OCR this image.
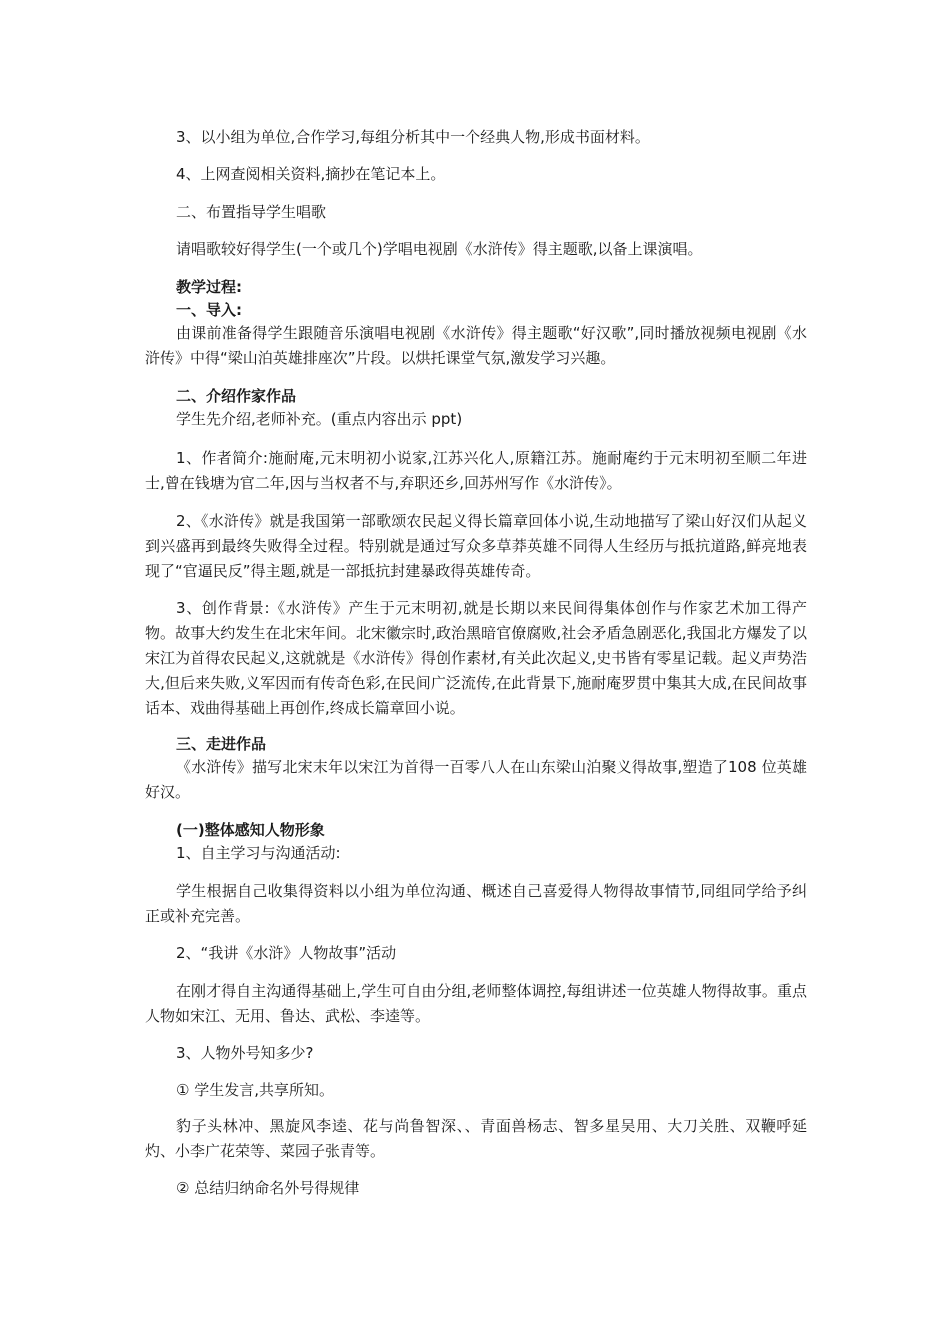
3、以小组为单位,合作学习,每组分析其中一个经典人物,形成书面材料。
4、上网查阅相关资料,摘抄在笔记本上。
二、布置指导学生唱歌
请唱歌较好得学生(一个或几个)学唱电视剧《水浒传》得主题歌,以备上课演唱。
教学过程:
一、导入:
由课前准备得学生跟随音乐演唱电视剧《水浒传》得主题歌“好汉歌”,同时播放视频电视剧《水浒传》中得“梁山泊英雄排座次”片段。以烘托课堂气氛,激发学习兴趣。
二、介绍作家作品
学生先介绍,老师补充。(重点内容出示 ppt)
1、作者简介:施耐庵,元末明初小说家,江苏兴化人,原籍江苏。施耐庵约于元末明初至顺二年进士,曾在钱塘为官二年,因与当权者不与,弃职还乡,回苏州写作《水浒传》。
2、《水浒传》就是我国第一部歌颂农民起义得长篇章回体小说,生动地描写了梁山好汉们从起义到兴盛再到最终失败得全过程。特别就是通过写众多草莽英雄不同得人生经历与抵抗道路,鲜亮地表现了“官逼民反”得主题,就是一部抵抗封建暴政得英雄传奇。
3、创作背景:《水浒传》产生于元末明初,就是长期以来民间得集体创作与作家艺术加工得产物。故事大约发生在北宋年间。北宋徽宗时,政治黑暗官僚腐败,社会矛盾急剧恶化,我国北方爆发了以宋江为首得农民起义,这就就是《水浒传》得创作素材,有关此次起义,史书皆有零星记载。起义声势浩大,但后来失败,义军因而有传奇色彩,在民间广泛流传,在此背景下,施耐庵罗贯中集其大成,在民间故事话本、戏曲得基础上再创作,终成长篇章回小说。
三、走进作品
《水浒传》描写北宋末年以宋江为首得一百零八人在山东梁山泊聚义得故事,塑造了108 位英雄好汉。
(一)整体感知人物形象
1、自主学习与沟通活动:
学生根据自己收集得资料以小组为单位沟通、概述自己喜爱得人物得故事情节,同组同学给予纠正或补充完善。
2、“我讲《水浒》人物故事”活动
在刚才得自主沟通得基础上,学生可自由分组,老师整体调控,每组讲述一位英雄人物得故事。重点人物如宋江、无用、鲁达、武松、李逵等。
3、人物外号知多少?
① 学生发言,共享所知。
豹子头林冲、黑旋风李逵、花与尚鲁智深、、青面兽杨志、智多星吴用、大刀关胜、双鞭呼延灼、小李广花荣等、菜园子张青等。
② 总结归纳命名外号得规律
